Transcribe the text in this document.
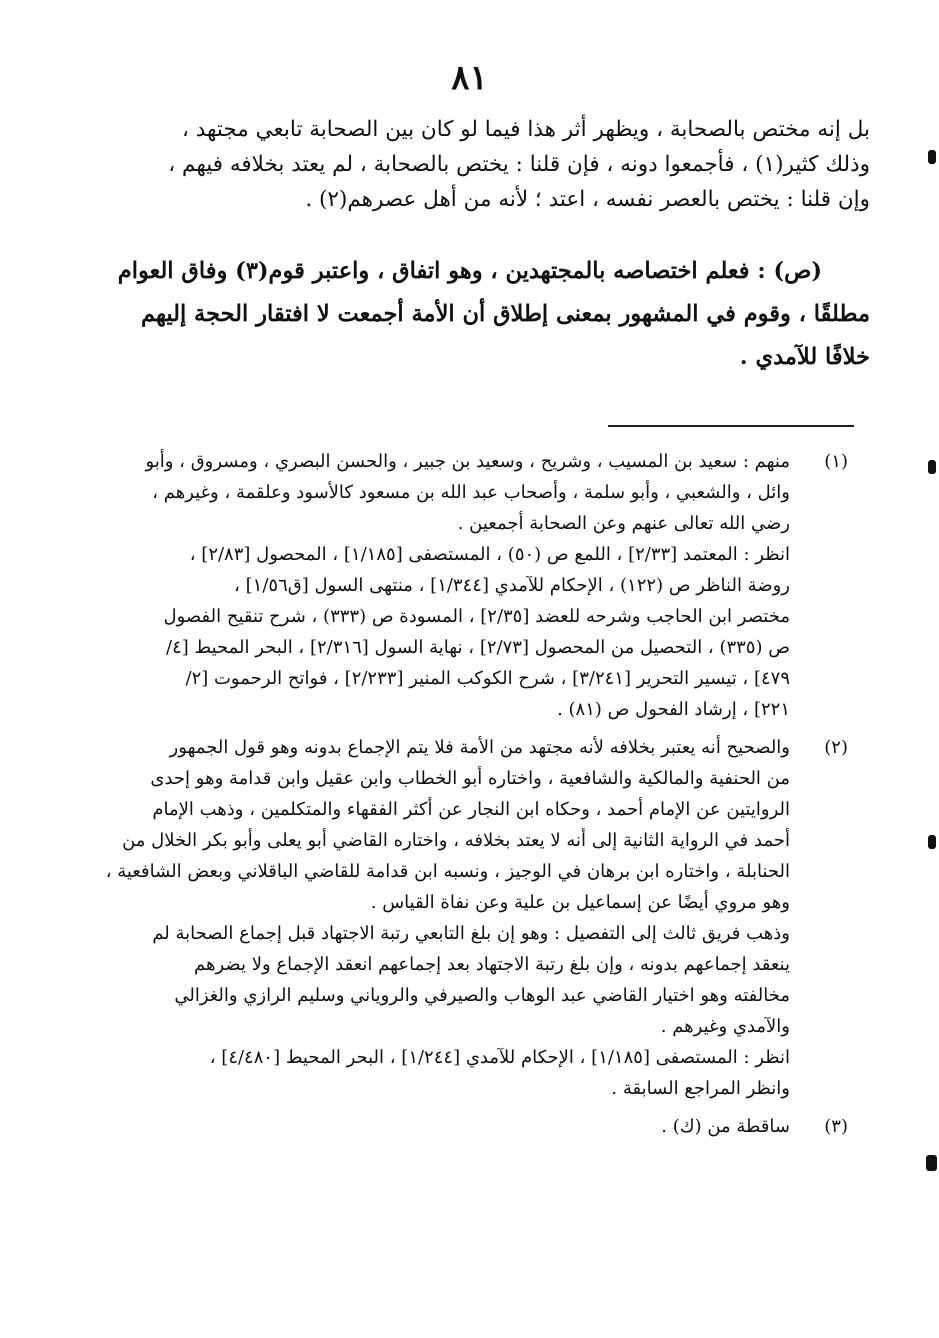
٨١
بل إنه مختص بالصحابة ، ويظهر أثر هذا فيما لو كان بين الصحابة تابعي مجتهد ،
وذلك كثير(١) ، فأجمعوا دونه ، فإن قلنا : يختص بالصحابة ، لم يعتد بخلافه فيهم ،
وإن قلنا : يختص بالعصر نفسه ، اعتد ؛ لأنه من أهل عصرهم(٢) .
(ص) : فعلم اختصاصه بالمجتهدين ، وهو اتفاق ، واعتبر قوم(٣) وفاق العوام
مطلقًا ، وقوم في المشهور بمعنى إطلاق أن الأمة أجمعت لا افتقار الحجة إليهم
خلافًا للآمدي .
(١)
منهم : سعيد بن المسيب ، وشريح ، وسعيد بن جبير ، والحسن البصري ، ومسروق ، وأبو
وائل ، والشعبي ، وأبو سلمة ، وأصحاب عبد الله بن مسعود كالأسود وعلقمة ، وغيرهم ،
رضي الله تعالى عنهم وعن الصحابة أجمعين .
انظر : المعتمد [٢/٣٣] ، اللمع ص (٥٠) ، المستصفى [١/١٨٥] ، المحصول [٢/٨٣] ،
روضة الناظر ص (١٢٢) ، الإحكام للآمدي [١/٣٤٤] ، منتهى السول [ق١/٥٦] ،
مختصر ابن الحاجب وشرحه للعضد [٢/٣٥] ، المسودة ص (٣٣٣) ، شرح تنقيح الفصول
ص (٣٣٥) ، التحصيل من المحصول [٢/٧٣] ، نهاية السول [٢/٣١٦] ، البحر المحيط [٤/
٤٧٩] ، تيسير التحرير [٣/٢٤١] ، شرح الكوكب المنير [٢/٢٣٣] ، فواتح الرحموت [٢/
٢٢١] ، إرشاد الفحول ص (٨١) .
(٢)
والصحيح أنه يعتبر بخلافه لأنه مجتهد من الأمة فلا يتم الإجماع بدونه وهو قول الجمهور
من الحنفية والمالكية والشافعية ، واختاره أبو الخطاب وابن عقيل وابن قدامة وهو إحدى
الروايتين عن الإمام أحمد ، وحكاه ابن النجار عن أكثر الفقهاء والمتكلمين ، وذهب الإمام
أحمد في الرواية الثانية إلى أنه لا يعتد بخلافه ، واختاره القاضي أبو يعلى وأبو بكر الخلال من
الحنابلة ، واختاره ابن برهان في الوجيز ، ونسبه ابن قدامة للقاضي الباقلاني وبعض الشافعية ،
وهو مروي أيضًا عن إسماعيل بن علية وعن نفاة القياس .
وذهب فريق ثالث إلى التفصيل : وهو إن بلغ التابعي رتبة الاجتهاد قبل إجماع الصحابة لم
ينعقد إجماعهم بدونه ، وإن بلغ رتبة الاجتهاد بعد إجماعهم انعقد الإجماع ولا يضرهم
مخالفته وهو اختيار القاضي عبد الوهاب والصيرفي والروياني وسليم الرازي والغزالي
والآمدي وغيرهم .
انظر : المستصفى [١/١٨٥] ، الإحكام للآمدي [١/٢٤٤] ، البحر المحيط [٤/٤٨٠] ،
وانظر المراجع السابقة .
(٣)
ساقطة من (ك) .
